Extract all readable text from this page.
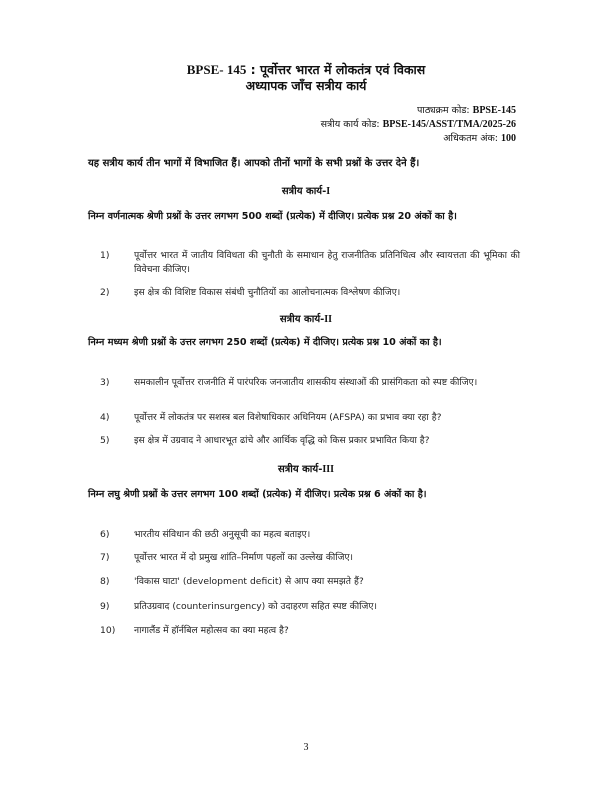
BPSE- 145 : पूर्वोत्तर भारत में लोकतंत्र एवं विकास
अध्यापक जाँच सत्रीय कार्य
पाठ्यक्रम कोड: BPSE-145
सत्रीय कार्य कोड: BPSE-145/ASST/TMA/2025-26
अधिकतम अंक: 100
यह सत्रीय कार्य तीन भागों में विभाजित हैं। आपको तीनों भागों के सभी प्रश्नों के उत्तर देने हैं।
सत्रीय कार्य-I
निम्न वर्णनात्मक श्रेणी प्रश्नों के उत्तर लगभग 500 शब्दों (प्रत्येक) में दीजिए। प्रत्येक प्रश्न 20 अंकों का है।
1)	पूर्वोत्तर भारत में जातीय विविधता की चुनौती के समाधान हेतु राजनीतिक प्रतिनिधित्व और स्वायत्तता की भूमिका की विवेचना कीजिए।
2)	इस क्षेत्र की विशिष्ट विकास संबंधी चुनौतियों का आलोचनात्मक विश्लेषण कीजिए।
सत्रीय कार्य-II
निम्न मध्यम श्रेणी प्रश्नों के उत्तर लगभग 250 शब्दों (प्रत्येक) में दीजिए। प्रत्येक प्रश्न 10 अंकों का है।
3)	समकालीन पूर्वोत्तर राजनीति में पारंपरिक जनजातीय शासकीय संस्थाओं की प्रासंगिकता को स्पष्ट कीजिए।
4)	पूर्वोत्तर में लोकतंत्र पर सशस्त्र बल विशेषाधिकार अधिनियम (AFSPA) का प्रभाव क्या रहा है?
5)	इस क्षेत्र में उग्रवाद ने आधारभूत ढांचे और आर्थिक वृद्धि को किस प्रकार प्रभावित किया है?
सत्रीय कार्य-III
निम्न लघु श्रेणी प्रश्नों के उत्तर लगभग 100 शब्दों (प्रत्येक) में दीजिए। प्रत्येक प्रश्न 6 अंकों का है।
6)	भारतीय संविधान की छठी अनुसूची का महत्व बताइए।
7)	पूर्वोत्तर भारत में दो प्रमुख शांति–निर्माण पहलों का उल्लेख कीजिए।
8)	'विकास घाटा' (development deficit) से आप क्या समझते हैं?
9)	प्रतिउग्रवाद (counterinsurgency) को उदाहरण सहित स्पष्ट कीजिए।
10)	नागालैंड में हॉर्नबिल महोत्सव का क्या महत्व है?
3
